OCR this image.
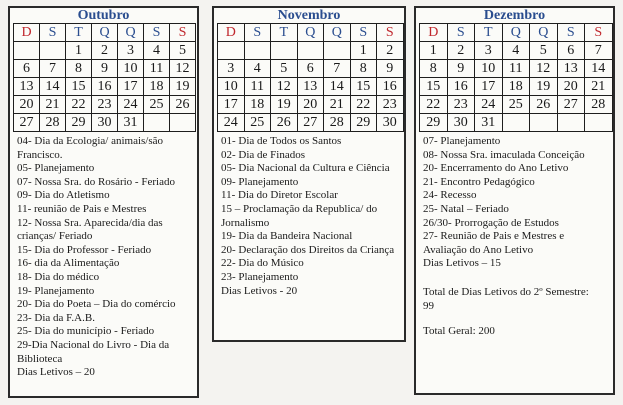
Outubro
D	S	T	Q	Q	S	S
		1	2	3	4	5
6	7	8	9	10	11	12
13	14	15	16	17	18	19
20	21	22	23	24	25	26
27	28	29	30	31		
04- Dia da Ecologia/ animais/são Francisco.
05- Planejamento
07- Nossa Sra. do Rosário - Feriado
09- Dia do Atletismo
11- reunião de Pais e Mestres
12- Nossa Sra. Aparecida/dia das crianças/ Feriado
15- Dia do Professor - Feriado
16- dia da Alimentação
18- Dia do médico
19- Planejamento
20- Dia do Poeta – Dia do comércio
23- Dia da F.A.B.
25- Dia do município - Feriado
29-Dia Nacional do Livro - Dia da Biblioteca
Dias Letivos – 20
Novembro
D	S	T	Q	Q	S	S
					1	2
3	4	5	6	7	8	9
10	11	12	13	14	15	16
17	18	19	20	21	22	23
24	25	26	27	28	29	30
01- Dia de Todos os Santos
02- Dia de Finados
05- Dia Nacional da Cultura e Ciência
09- Planejamento
11- Dia do Diretor Escolar
15 – Proclamação da Republica/ do Jornalismo
19- Dia da Bandeira Nacional
20- Declaração dos Direitos da Criança
22- Dia do Músico
23- Planejamento
Dias Letivos - 20
Dezembro
D	S	T	Q	Q	S	S
1	2	3	4	5	6	7
8	9	10	11	12	13	14
15	16	17	18	19	20	21
22	23	24	25	26	27	28
29	30	31				
07- Planejamento
08- Nossa Sra. imaculada Conceição
20- Encerramento do Ano Letivo
21- Encontro Pedagógico
24- Recesso
25- Natal – Feriado
26/30- Prorrogação de Estudos
27- Reunião de Pais e Mestres e Avaliação do Ano Letivo
Dias Letivos – 15
Total de Dias Letivos do 2º Semestre:
99
Total Geral: 200
